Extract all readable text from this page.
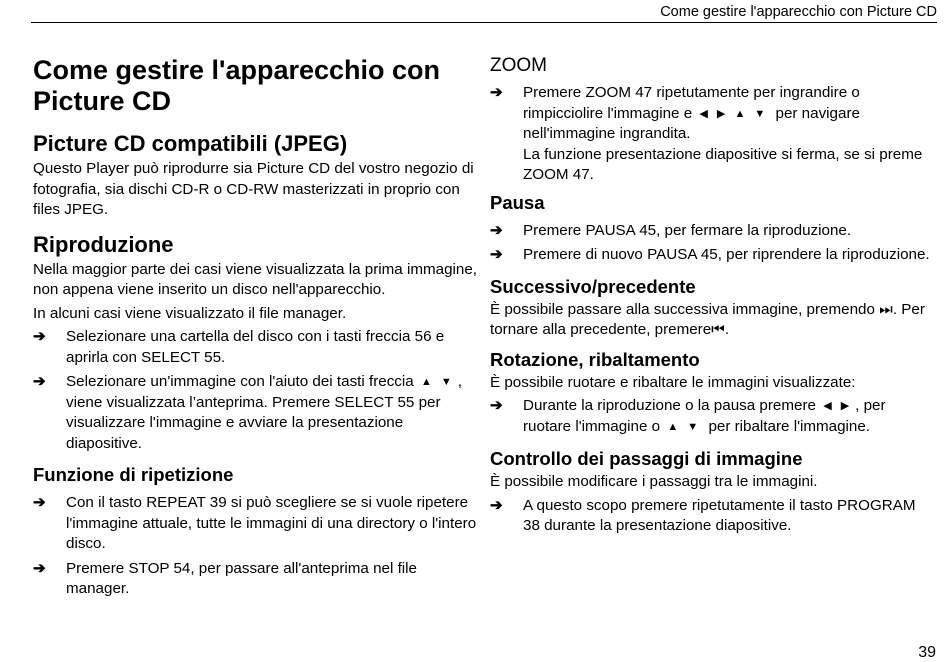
Come gestire l'apparecchio con Picture CD
Come gestire l'apparecchio con Picture CD
Picture CD compatibili (JPEG)

Questo Player può riprodurre sia Picture CD del vostro negozio di fotografia, sia dischi CD-R o CD-RW masterizzati in proprio con files JPEG.

Riproduzione

Nella maggior parte dei casi viene visualizzata la prima immagine, non appena viene inserito un disco nell'apparecchio.

In alcuni casi viene visualizzato il file manager.

➔ Selezionare una cartella del disco con i tasti freccia 56 e aprirla con SELECT 55.
➔ Selezionare un'immagine con l'aiuto dei tasti freccia ▲ ▼ , viene visualizzata l’anteprima. Premere SELECT 55 per visualizzare l'immagine e avviare la presentazione diapositive.
Funzione di ripetizione
➔ Con il tasto REPEAT 39 si può scegliere se si vuole ripetere l'immagine attuale, tutte le immagini di una directory o l'intero disco.
➔ Premere STOP 54, per passare all'anteprima nel file manager.
ZOOM
➔ Premere ZOOM 47 ripetutamente per ingrandire o rimpicciolire l'immagine e ◀ ▶ ▲ ▼ per navigare nell'immagine ingrandita.
La funzione presentazione diapositive si ferma, se si preme ZOOM 47.
Pausa
➔ Premere PAUSA 45, per fermare la riproduzione.
➔ Premere di nuovo PAUSA 45, per riprendere la riproduzione.
Successivo/precedente

È possibile passare alla successiva immagine, premendo ⏭. Per tornare alla precedente, premere⏮.

Rotazione, ribaltamento

È possibile ruotare e ribaltare le immagini visualizzate:

➔ Durante la riproduzione o la pausa premere ◀ ▶ , per ruotare l'immagine o ▲ ▼ per ribaltare l'immagine.
Controllo dei passaggi di immagine

È possibile modificare i passaggi tra le immagini.

➔ A questo scopo premere ripetutamente il tasto PROGRAM 38 durante la presentazione diapositive.
39
